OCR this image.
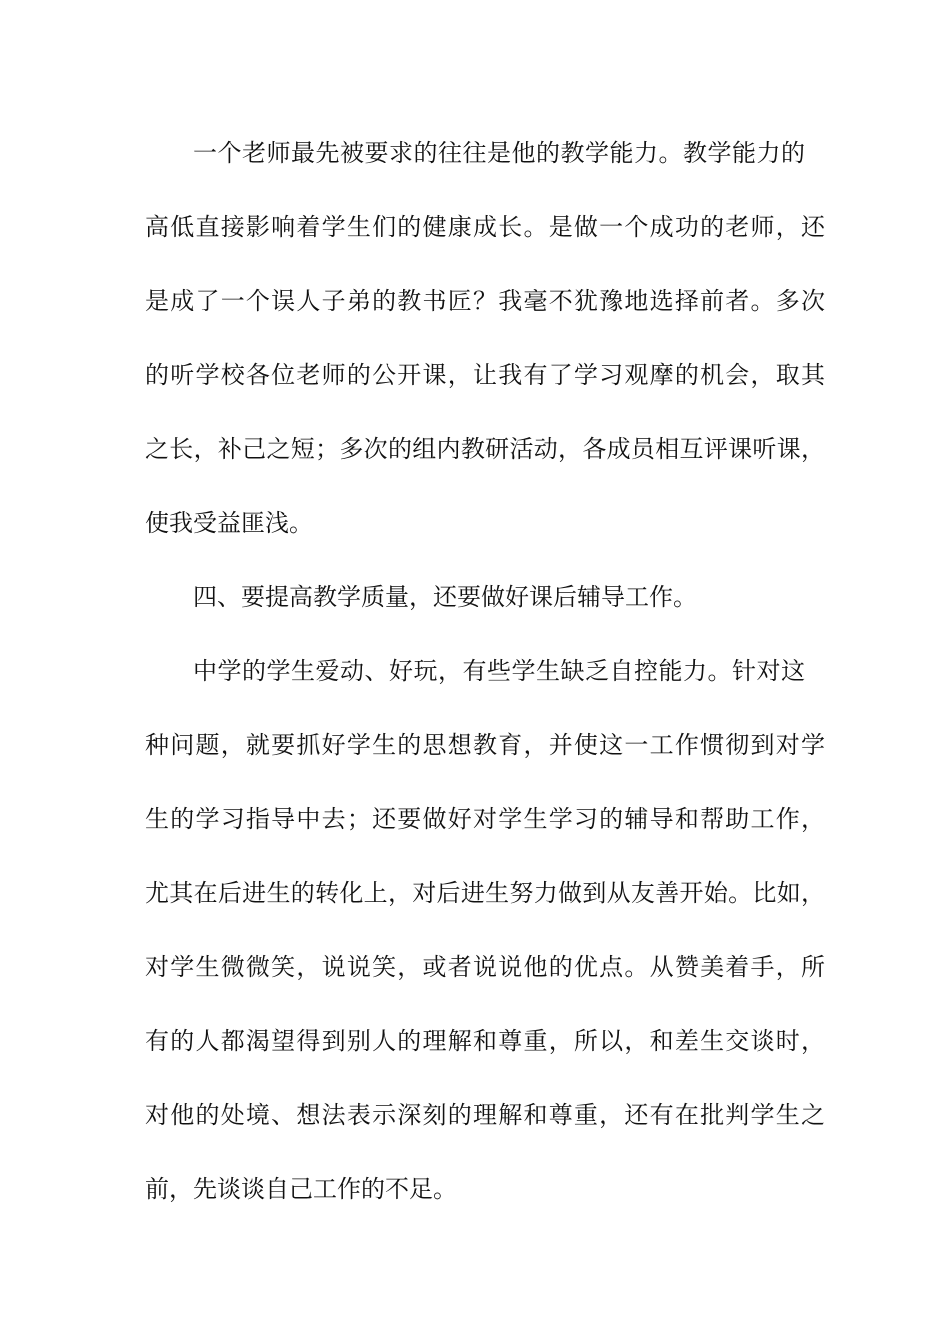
一个老师最先被要求的往往是他的教学能力。教学能力的
高低直接影响着学生们的健康成长。是做一个成功的老师，还
是成了一个误人子弟的教书匠？我毫不犹豫地选择前者。多次
的听学校各位老师的公开课，让我有了学习观摩的机会，取其
之长，补己之短；多次的组内教研活动，各成员相互评课听课，
使我受益匪浅。
四、要提高教学质量，还要做好课后辅导工作。
中学的学生爱动、好玩，有些学生缺乏自控能力。针对这
种问题，就要抓好学生的思想教育，并使这一工作惯彻到对学
生的学习指导中去；还要做好对学生学习的辅导和帮助工作，
尤其在后进生的转化上，对后进生努力做到从友善开始。比如，
对学生微微笑，说说笑，或者说说他的优点。从赞美着手，所
有的人都渴望得到别人的理解和尊重，所以，和差生交谈时，
对他的处境、想法表示深刻的理解和尊重，还有在批判学生之
前，先谈谈自己工作的不足。
